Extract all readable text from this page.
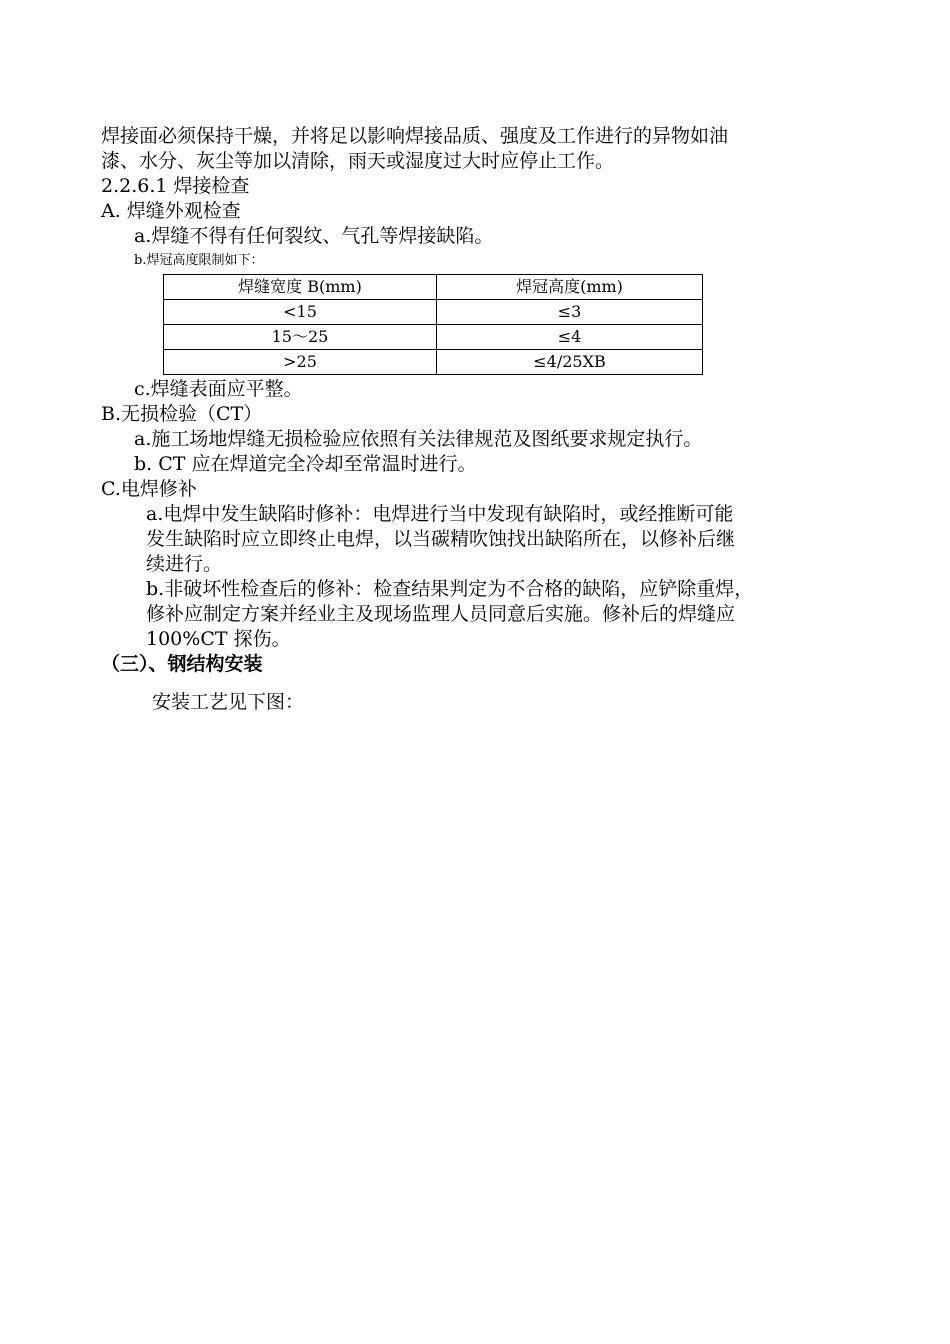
焊接面必须保持干燥，并将足以影响焊接品质、强度及工作进行的异物如油
漆、水分、灰尘等加以清除，雨天或湿度过大时应停止工作。
2.2.6.1 焊接检查
A. 焊缝外观检查
a.焊缝不得有任何裂纹、气孔等焊接缺陷。
b.焊冠高度限制如下：
焊缝宽度 B(mm)	焊冠高度(mm)
<15	≤3
15～25	≤4
>25	≤4/25XB
c.焊缝表面应平整。
B.无损检验（CT）
a.施工场地焊缝无损检验应依照有关法律规范及图纸要求规定执行。
b. CT 应在焊道完全冷却至常温时进行。
C.电焊修补
a.电焊中发生缺陷时修补：电焊进行当中发现有缺陷时，或经推断可能
发生缺陷时应立即终止电焊，以当碳精吹蚀找出缺陷所在，以修补后继
续进行。
b.非破坏性检查后的修补：检查结果判定为不合格的缺陷，应铲除重焊，
修补应制定方案并经业主及现场监理人员同意后实施。修补后的焊缝应
100%CT 探伤。
（三）、钢结构安装
安装工艺见下图：
